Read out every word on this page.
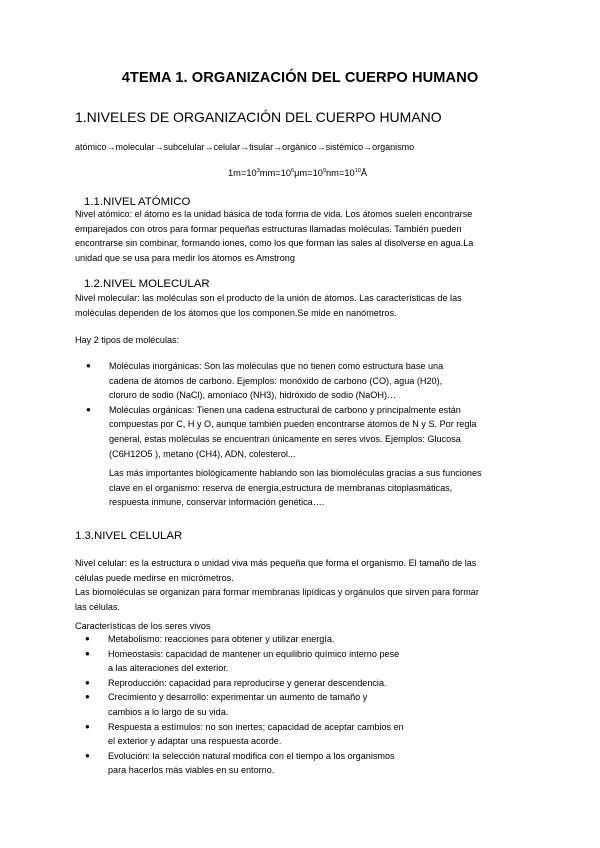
4TEMA 1. ORGANIZACIÓN DEL CUERPO HUMANO
1.NIVELES DE ORGANIZACIÓN DEL CUERPO HUMANO
atómico→molecular→subcelular→celular→tisular→orgánico→sistémico→organismo
$1m=10^3mm=10^6\mu m=10^9nm=10^{10}Å$
1.1.NIVEL ATÓMICO
Nivel atómico: el átomo es la unidad básica de toda forma de vida. Los átomos suelen encontrarse
emparejados con otros para formar pequeñas estructuras llamadas moléculas. También pueden
encontrarse sin combinar, formando iones, como los que forman las sales al disolverse en agua.La
unidad que se usa para medir los átomos es Amstrong
1.2.NIVEL MOLECULAR
Nivel molecular: las moléculas son el producto de la unión de átomos. Las características de las
moléculas dependen de los átomos que los componen.Se mide en nanómetros.
Hay 2 tipos de moléculas:
● Moléculas inorgánicas: Son las moléculas que no tienen como estructura base una
cadena de átomos de carbono. Ejemplos: monóxido de carbono (CO), agua (H20),
cloruro de sodio (NaCl), amoníaco (NH3), hidróxido de sodio (NaOH)…
● Moléculas orgánicas: Tienen una cadena estructural de carbono y principalmente están
compuestas por C, H y O, aunque también pueden encontrarse átomos de N y S. Por regla
general, estas moléculas se encuentran únicamente en seres vivos. Ejemplos: Glucosa
(C6H12O5 ), metano (CH4), ADN, colesterol...
Las más importantes biológicamente hablando son las biomoléculas gracias a sus funciones
clave en el organismo: reserva de energía,estructura de membranas citoplasmáticas,
respuesta inmune, conservar información genética….
1.3.NIVEL CELULAR
Nivel celular: es la estructura o unidad viva más pequeña que forma el organismo. El tamaño de las
células puede medirse en micrómetros.
Las biomoléculas se organizan para formar membranas lipídicas y orgánulos que sirven para formar
las células.
Características de los seres vivos
● Metabolismo: reacciones para obtener y utilizar energía.
● Homeostasis: capacidad de mantener un equilibrio químico interno pese
a las alteraciones del exterior.
● Reproducción: capacidad para reproducirse y generar descendencia.
● Crecimiento y desarrollo: experimentar un aumento de tamaño y
cambios a lo largo de su vida.
● Respuesta a estímulos: no son inertes; capacidad de aceptar cambios en
el exterior y adaptar una respuesta acorde.
● Evolución: la selección natural modifica con el tiempo a los organismos
para hacerlos más viables en su entorno.
